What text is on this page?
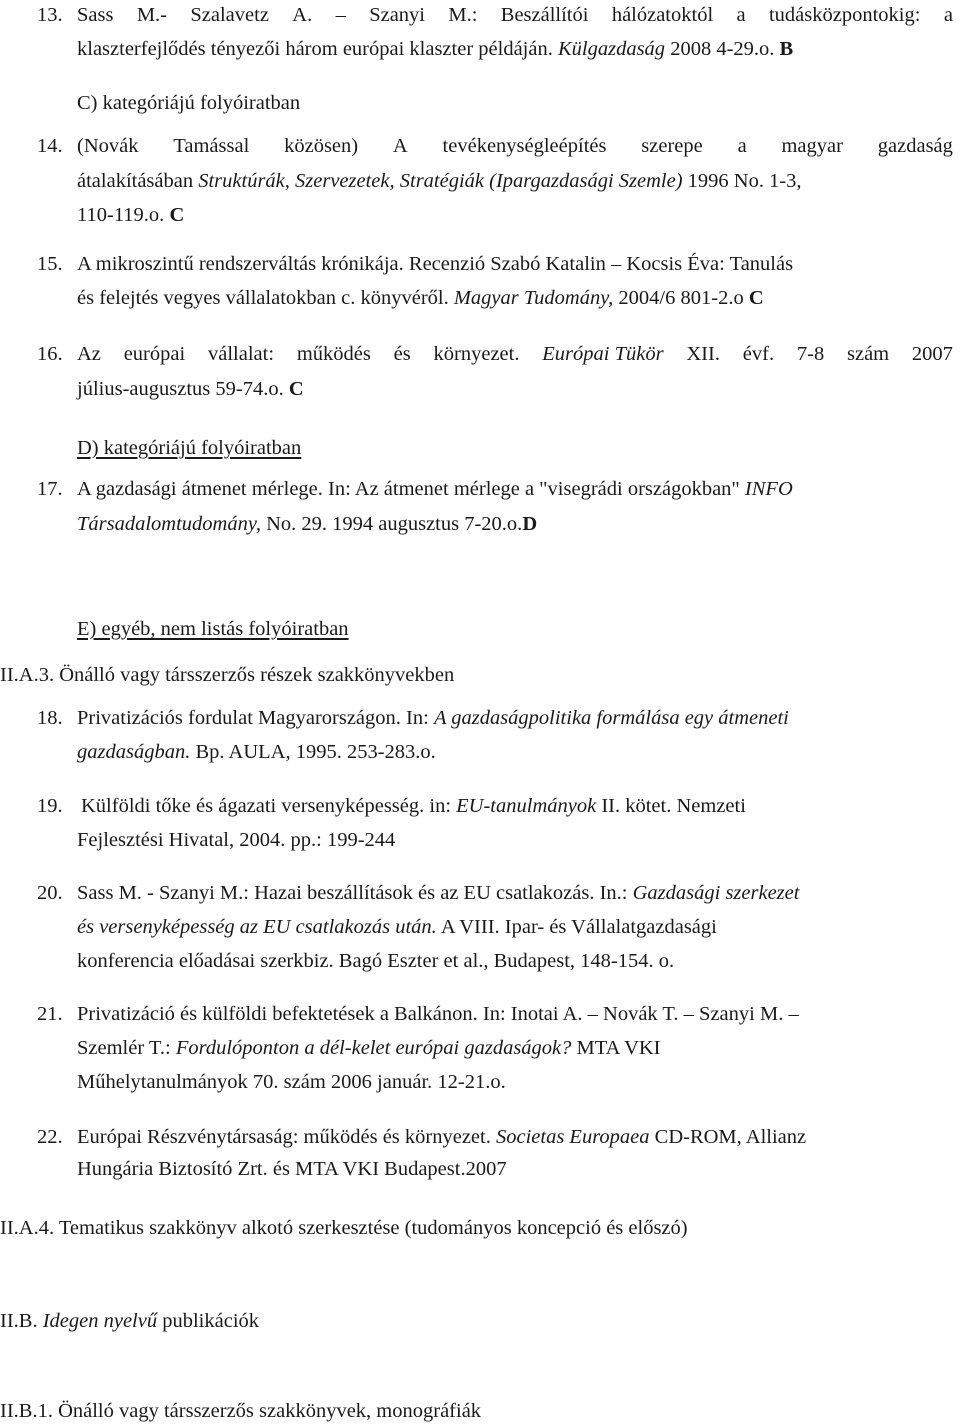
13. Sass M.- Szalavetz A. – Szanyi M.: Beszállítói hálózatoktól a tudásközpontokig: a
klaszterfejlődés tényezői három európai klaszter példáján. Külgazdaság 2008 4-29.o. B
C) kategóriájú folyóiratban
14. (Novák Tamással közösen) A tevékenységleépítés szerepe a magyar gazdaság
átalakításában Struktúrák, Szervezetek, Stratégiák (Ipargazdasági Szemle) 1996 No. 1-3,
110-119.o. C
15. A mikroszintű rendszerváltás krónikája. Recenzió Szabó Katalin – Kocsis Éva: Tanulás
és felejtés vegyes vállalatokban c. könyvéről. Magyar Tudomány, 2004/6 801-2.o C
16. Az európai vállalat: működés és környezet. Európai Tükör XII. évf. 7-8 szám 2007
július-augusztus 59-74.o. C
D) kategóriájú folyóiratban
17. A gazdasági átmenet mérlege. In: Az átmenet mérlege a "visegrádi országokban" INFO
Társadalomtudomány, No. 29. 1994 augusztus 7-20.o.D
E) egyéb, nem listás folyóiratban
II.A.3. Önálló vagy társszerzős részek szakkönyvekben
18. Privatizációs fordulat Magyarországon. In: A gazdaságpolitika formálása egy átmeneti
gazdaságban. Bp. AULA, 1995. 253-283.o.
19. Külföldi tőke és ágazati versenyképesség. in: EU-tanulmányok II. kötet. Nemzeti
Fejlesztési Hivatal, 2004. pp.: 199-244
20. Sass M. - Szanyi M.: Hazai beszállítások és az EU csatlakozás. In.: Gazdasági szerkezet
és versenyképesség az EU csatlakozás után. A VIII. Ipar- és Vállalatgazdasági
konferencia előadásai szerkbiz. Bagó Eszter et al., Budapest, 148-154. o.
21. Privatizáció és külföldi befektetések a Balkánon. In: Inotai A. – Novák T. – Szanyi M. –
Szemlér T.: Fordulóponton a dél-kelet európai gazdaságok? MTA VKI
Műhelytanulmányok 70. szám 2006 január. 12-21.o.
22. Európai Részvénytársaság: működés és környezet. Societas Europaea CD-ROM, Allianz
Hungária Biztosító Zrt. és MTA VKI Budapest.2007
II.A.4. Tematikus szakkönyv alkotó szerkesztése (tudományos koncepció és előszó)
II.B. Idegen nyelvű publikációk
II.B.1. Önálló vagy társszerzős szakkönyvek, monográfiák
